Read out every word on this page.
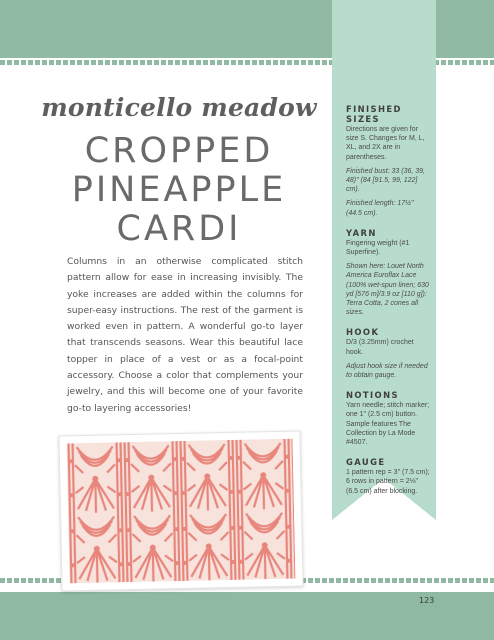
monticello meadow
CROPPED
PINEAPPLE
CARDI

Columns in an otherwise complicated stitch pattern allow for ease in increasing invisibly. The yoke increases are added within the columns for super-easy instructions. The rest of the garment is worked even in pattern. A wonderful go-to layer that transcends seasons. Wear this beautiful lace topper in place of a vest or as a focal-point accessory. Choose a color that complements your jewelry, and this will become one of your favorite go-to layering accessories!

FINISHED SIZES

Directions are given for size S. Changes for M, L, XL, and 2X are in parentheses.

Finished bust: 33 (36, 39, 48)" (84 [91.5, 99, 122] cm).

Finished length: 17½" (44.5 cm).

YARN

Fingering weight (#1 Superfine).

Shown here: Louet North America Euroflax Lace (100% wet-spun linen; 630 yd [576 m]/3.9 oz [110 g]): Terra Cotta, 2 cones all sizes.

HOOK

D/3 (3.25mm) crochet hook.

Adjust hook size if needed to obtain gauge.

NOTIONS

Yarn needle; stitch marker; one 1" (2.5 cm) button. Sample features The Collection by La Mode #4507.

GAUGE

1 pattern rep = 3" (7.5 cm); 6 rows in pattern = 2⅛" (6.5 cm) after blocking.

123
